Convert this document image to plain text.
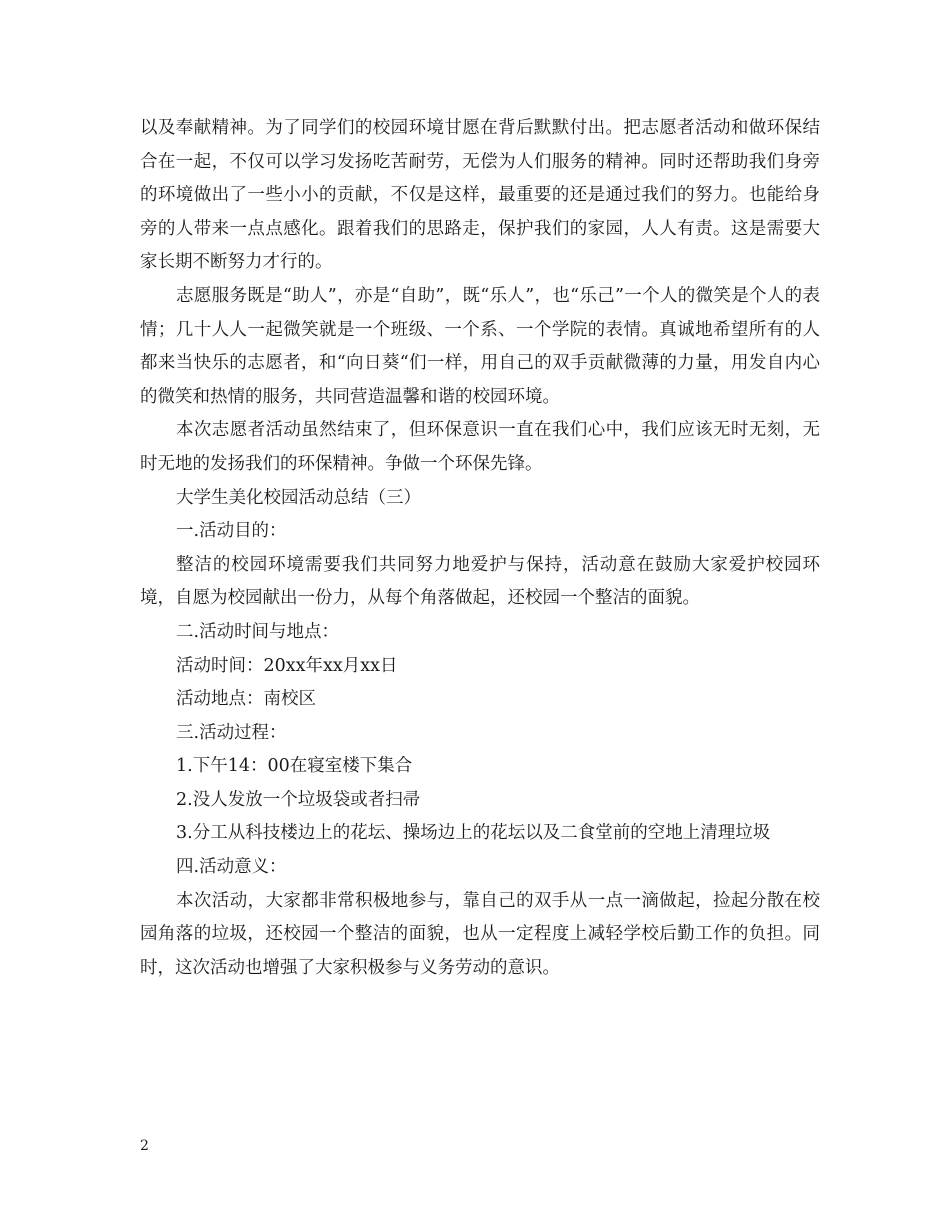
以及奉献精神。为了同学们的校园环境甘愿在背后默默付出。把志愿者活动和做环保结合在一起，不仅可以学习发扬吃苦耐劳，无偿为人们服务的精神。同时还帮助我们身旁的环境做出了一些小小的贡献，不仅是这样，最重要的还是通过我们的努力。也能给身旁的人带来一点点感化。跟着我们的思路走，保护我们的家园，人人有责。这是需要大家长期不断努力才行的。

志愿服务既是“助人”，亦是“自助”，既“乐人”，也“乐己”一个人的微笑是个人的表情；几十人人一起微笑就是一个班级、一个系、一个学院的表情。真诚地希望所有的人都来当快乐的志愿者，和“向日葵“们一样，用自己的双手贡献微薄的力量，用发自内心的微笑和热情的服务，共同营造温馨和谐的校园环境。

本次志愿者活动虽然结束了，但环保意识一直在我们心中，我们应该无时无刻，无时无地的发扬我们的环保精神。争做一个环保先锋。

大学生美化校园活动总结（三）

一.活动目的：

整洁的校园环境需要我们共同努力地爱护与保持，活动意在鼓励大家爱护校园环境，自愿为校园献出一份力，从每个角落做起，还校园一个整洁的面貌。

二.活动时间与地点：

活动时间：20xx年xx月xx日

活动地点：南校区

三.活动过程：

1.下午14：00在寝室楼下集合

2.没人发放一个垃圾袋或者扫帚

3.分工从科技楼边上的花坛、操场边上的花坛以及二食堂前的空地上清理垃圾

四.活动意义：

本次活动，大家都非常积极地参与，靠自己的双手从一点一滴做起，捡起分散在校园角落的垃圾，还校园一个整洁的面貌，也从一定程度上减轻学校后勤工作的负担。同时，这次活动也增强了大家积极参与义务劳动的意识。

2
